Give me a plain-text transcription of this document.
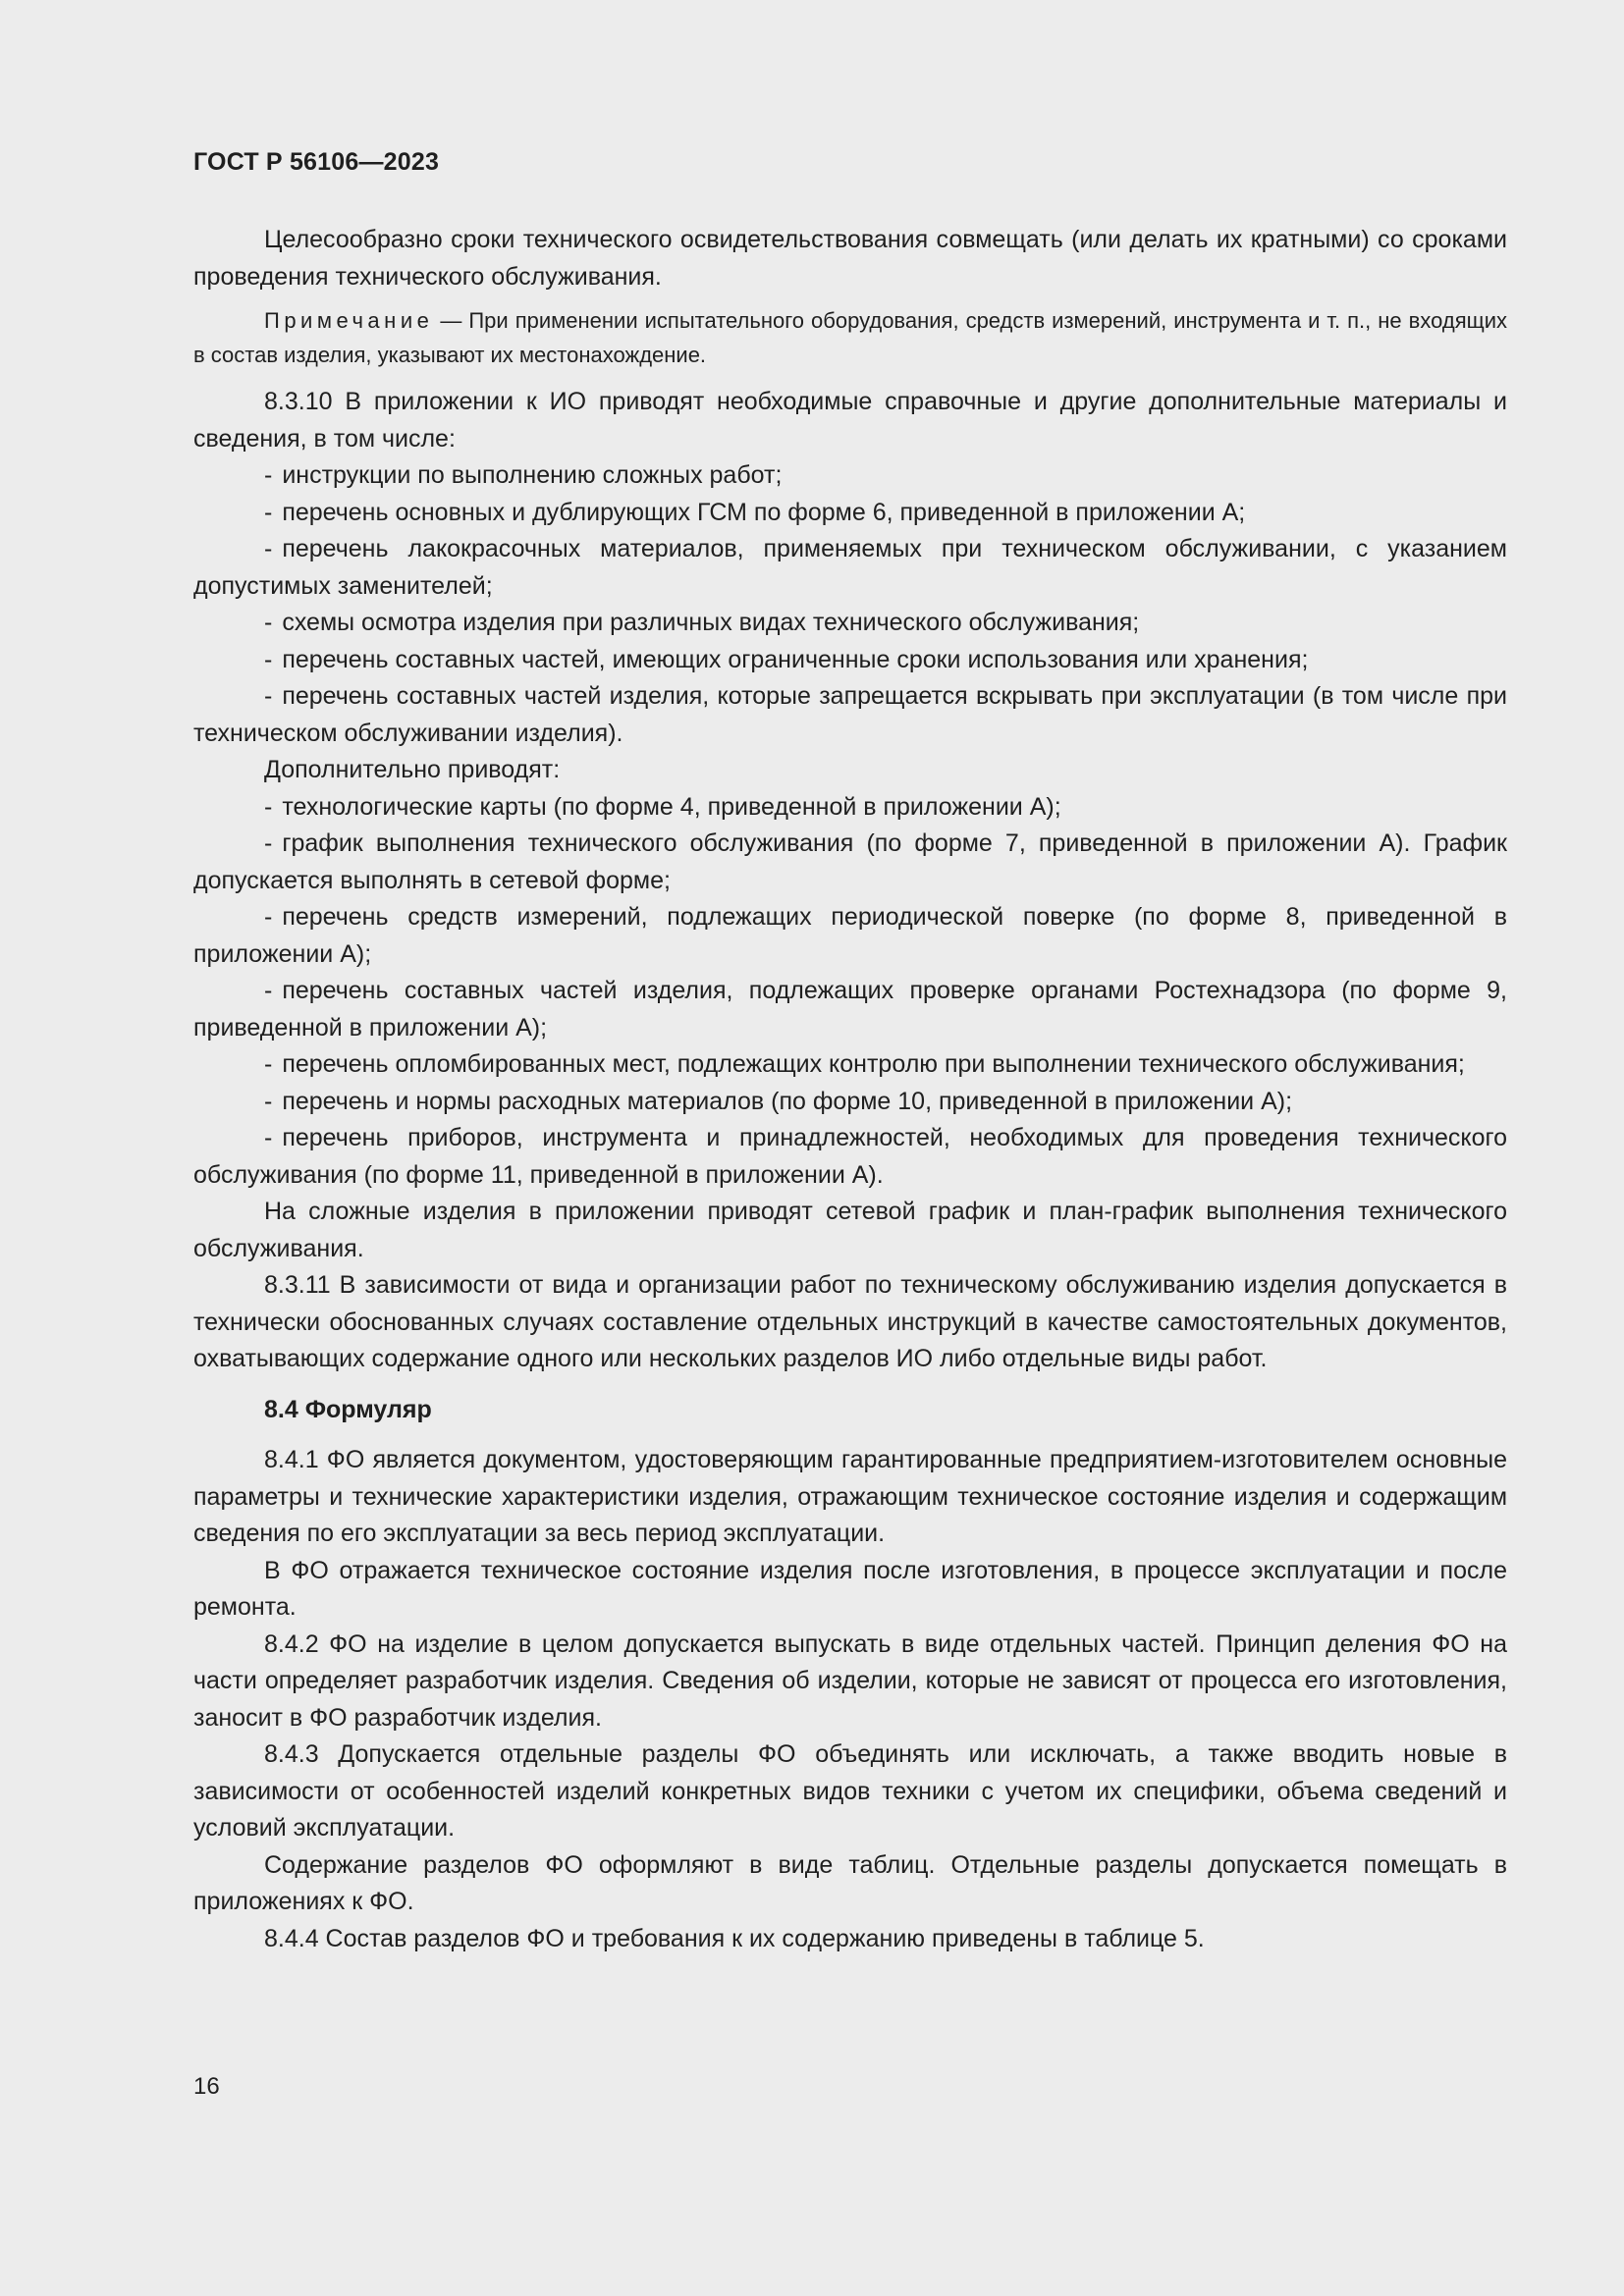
ГОСТ Р 56106—2023

Целесообразно сроки технического освидетельствования совмещать (или делать их кратными) со сроками проведения технического обслуживания.

Примечание — При применении испытательного оборудования, средств измерений, инструмента и т. п., не входящих в состав изделия, указывают их местонахождение.

8.3.10 В приложении к ИО приводят необходимые справочные и другие дополнительные материалы и сведения, в том числе:

- инструкции по выполнению сложных работ;

- перечень основных и дублирующих ГСМ по форме 6, приведенной в приложении А;

- перечень лакокрасочных материалов, применяемых при техническом обслуживании, с указанием допустимых заменителей;

- схемы осмотра изделия при различных видах технического обслуживания;

- перечень составных частей, имеющих ограниченные сроки использования или хранения;

- перечень составных частей изделия, которые запрещается вскрывать при эксплуатации (в том числе при техническом обслуживании изделия).

Дополнительно приводят:

- технологические карты (по форме 4, приведенной в приложении А);

- график выполнения технического обслуживания (по форме 7, приведенной в приложении А). График допускается выполнять в сетевой форме;

- перечень средств измерений, подлежащих периодической поверке (по форме 8, приведенной в приложении А);

- перечень составных частей изделия, подлежащих проверке органами Ростехнадзора (по форме 9, приведенной в приложении А);

- перечень опломбированных мест, подлежащих контролю при выполнении технического обслуживания;

- перечень и нормы расходных материалов (по форме 10, приведенной в приложении А);

- перечень приборов, инструмента и принадлежностей, необходимых для проведения технического обслуживания (по форме 11, приведенной в приложении А).

На сложные изделия в приложении приводят сетевой график и план-график выполнения технического обслуживания.

8.3.11 В зависимости от вида и организации работ по техническому обслуживанию изделия допускается в технически обоснованных случаях составление отдельных инструкций в качестве самостоятельных документов, охватывающих содержание одного или нескольких разделов ИО либо отдельные виды работ.

8.4 Формуляр

8.4.1 ФО является документом, удостоверяющим гарантированные предприятием-изготовителем основные параметры и технические характеристики изделия, отражающим техническое состояние изделия и содержащим сведения по его эксплуатации за весь период эксплуатации.

В ФО отражается техническое состояние изделия после изготовления, в процессе эксплуатации и после ремонта.

8.4.2 ФО на изделие в целом допускается выпускать в виде отдельных частей. Принцип деления ФО на части определяет разработчик изделия. Сведения об изделии, которые не зависят от процесса его изготовления, заносит в ФО разработчик изделия.

8.4.3 Допускается отдельные разделы ФО объединять или исключать, а также вводить новые в зависимости от особенностей изделий конкретных видов техники с учетом их специфики, объема сведений и условий эксплуатации.

Содержание разделов ФО оформляют в виде таблиц. Отдельные разделы допускается помещать в приложениях к ФО.

8.4.4 Состав разделов ФО и требования к их содержанию приведены в таблице 5.

16
